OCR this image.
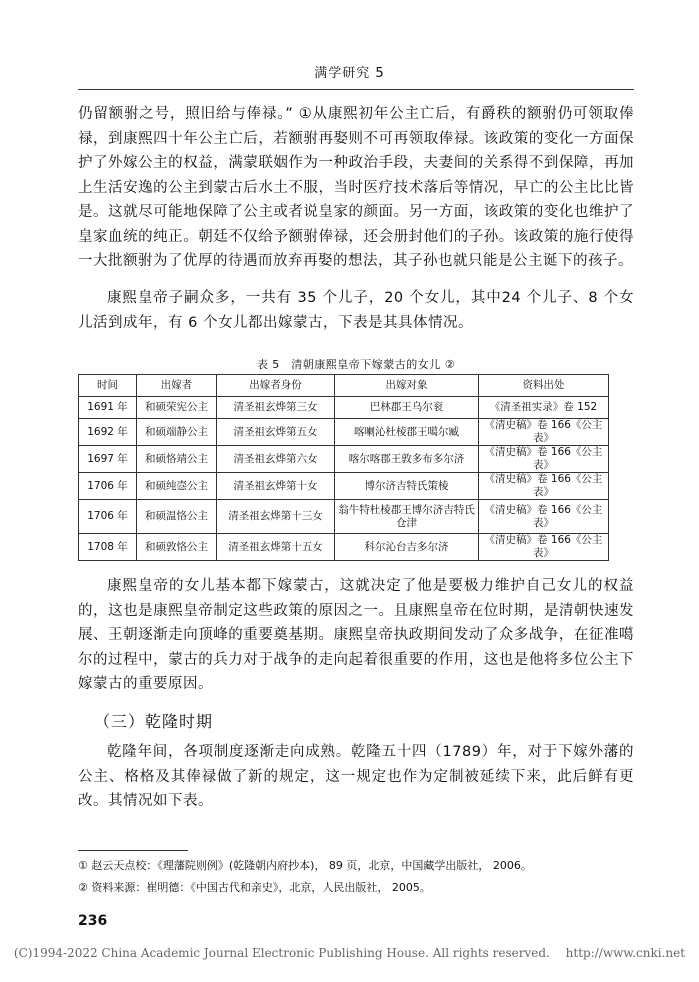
满学研究 5
仍留额驸之号，照旧给与俸禄。” ①从康熙初年公主亡后，有爵秩的额驸仍可领取俸禄，到康熙四十年公主亡后，若额驸再娶则不可再领取俸禄。该政策的变化一方面保护了外嫁公主的权益，满蒙联姻作为一种政治手段，夫妻间的关系得不到保障，再加上生活安逸的公主到蒙古后水土不服，当时医疗技术落后等情况，早亡的公主比比皆是。这就尽可能地保障了公主或者说皇家的颜面。另一方面，该政策的变化也维护了皇家血统的纯正。朝廷不仅给予额驸俸禄，还会册封他们的子孙。该政策的施行使得一大批额驸为了优厚的待遇而放弃再娶的想法，其子孙也就只能是公主诞下的孩子。
康熙皇帝子嗣众多，一共有 35 个儿子，20 个女儿，其中24 个儿子、8 个女儿活到成年，有 6 个女儿都出嫁蒙古，下表是其具体情况。
表 5　清朝康熙皇帝下嫁蒙古的女儿 ②
时间	出嫁者	出嫁者身份	出嫁对象	资料出处
1691 年	和硕荣宪公主	清圣祖玄烨第三女	巴林郡王乌尔衮	《清圣祖实录》卷 152
1692 年	和硕端静公主	清圣祖玄烨第五女	喀喇沁杜棱郡王噶尔臧	《清史稿》卷 166《公主表》
1697 年	和硕恪靖公主	清圣祖玄烨第六女	喀尔喀郡王敦多布多尔济	《清史稿》卷 166《公主表》
1706 年	和硕纯悫公主	清圣祖玄烨第十女	博尔济吉特氏策棱	《清史稿》卷 166《公主表》
1706 年	和硕温恪公主	清圣祖玄烨第十三女	翁牛特杜棱郡王博尔济吉特氏仓津	《清史稿》卷 166《公主表》
1708 年	和硕敦恪公主	清圣祖玄烨第十五女	科尔沁台吉多尔济	《清史稿》卷 166《公主表》
康熙皇帝的女儿基本都下嫁蒙古，这就决定了他是要极力维护自己女儿的权益的，这也是康熙皇帝制定这些政策的原因之一。且康熙皇帝在位时期，是清朝快速发展、王朝逐渐走向顶峰的重要奠基期。康熙皇帝执政期间发动了众多战争，在征准噶尔的过程中，蒙古的兵力对于战争的走向起着很重要的作用，这也是他将多位公主下嫁蒙古的重要原因。
（三）乾隆时期
乾隆年间，各项制度逐渐走向成熟。乾隆五十四（1789）年，对于下嫁外藩的公主、格格及其俸禄做了新的规定，这一规定也作为定制被延续下来，此后鲜有更改。其情况如下表。
① 赵云天点校：《理藩院则例》(乾隆朝内府抄本)， 89 页，北京，中国藏学出版社， 2006。
② 资料来源：崔明德：《中国古代和亲史》，北京，人民出版社， 2005。
236
(C)1994-2022 China Academic Journal Electronic Publishing House. All rights reserved.　 http://www.cnki.net
